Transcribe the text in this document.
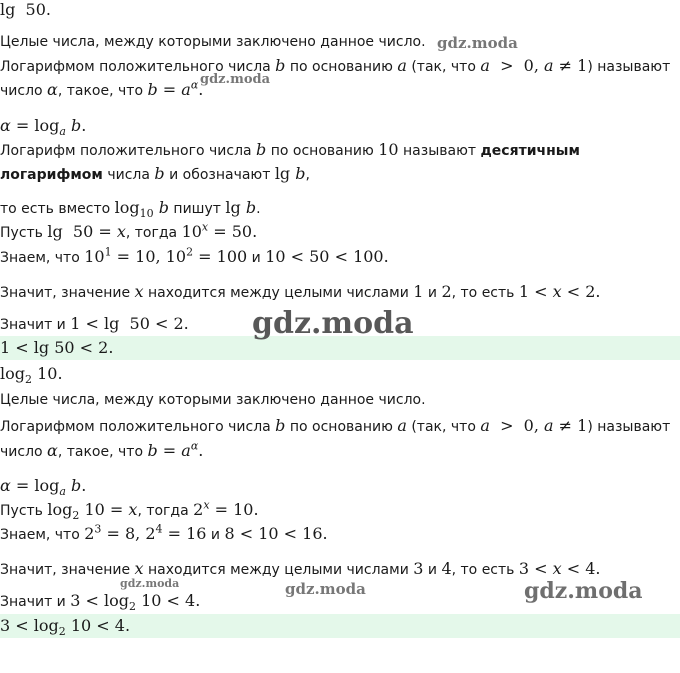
lg  50.
Целые числа, между которыми заключено данное число.
Логарифмом положительного числа b по основанию a (так, что a  >  0, a ≠ 1) называют
число α, такое, что $b = a^\alpha$.
$\alpha = \log_a b$.
Логарифм положительного числа b по основанию 10 называют десятичным
логарифмом числа b и обозначают lg b,
то есть вместо $\log_{10} b$ пишут lg b.
Пусть lg  50 = x, тогда $10^x = 50$.
Знаем, что $10^1 = 10$, $10^2 = 100$ и 10 < 50 < 100.
Значит, значение x находится между целыми числами 1 и 2, то есть 1 < x < 2.
Значит и 1 < lg  50 < 2.
1 < lg 50 < 2.
$\log_2 10$.
Целые числа, между которыми заключено данное число.
Логарифмом положительного числа b по основанию a (так, что a  >  0, a ≠ 1) называют
число α, такое, что $b = a^\alpha$.
$\alpha = \log_a b$.
Пусть $\log_2 10 = x$, тогда $2^x = 10$.
Знаем, что $2^3 = 8$, $2^4 = 16$ и 8 < 10 < 16.
Значит, значение x находится между целыми числами 3 и 4, то есть 3 < x < 4.
Значит и $3 < \log_2 10 < 4$.
$3 < \log_2 10 < 4$.
gdz.moda
gdz.moda
gdz.moda
gdz.moda	gdz.moda	gdz.moda
